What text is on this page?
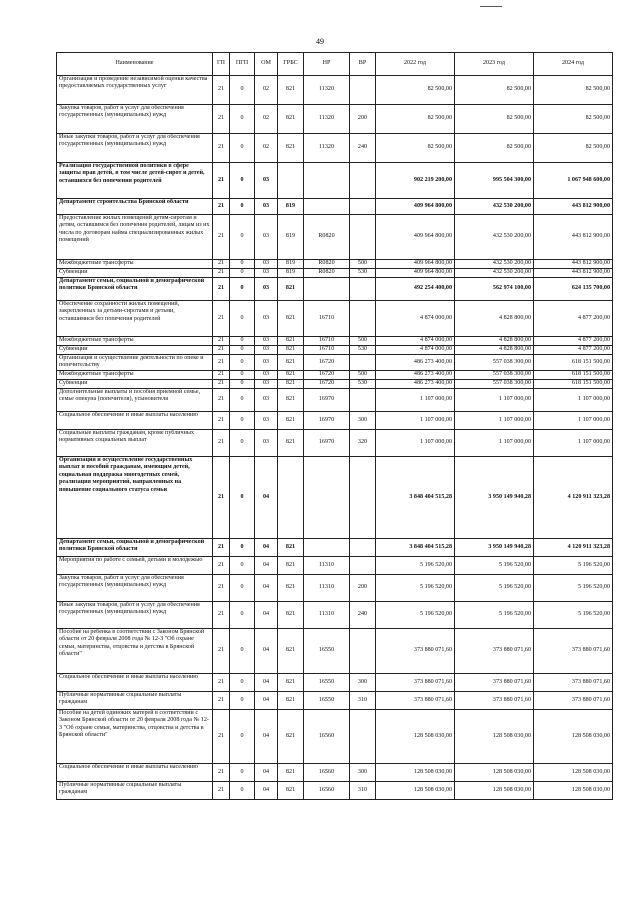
49
Наименование	ГП	ПГП	ОМ	ГРБС	НР	ВР	2022 год	2023 год	2024 год
Организация и проведение независимой оценки качества предоставляемых государственных услуг	21	0	02	821	11320		82 500,00	82 500,00	82 500,00
Закупка товаров, работ и услуг для обеспечения государственных (муниципальных) нужд	21	0	02	821	11320	200	82 500,00	82 500,00	82 500,00
Иные закупки товаров, работ и услуг для обеспечения государственных (муниципальных) нужд	21	0	02	821	11320	240	82 500,00	82 500,00	82 500,00
Реализация государственной политики в сфере защиты прав детей, в том числе детей-сирот и детей, оставшихся без попечения родителей	21	0	03				902 219 200,00	995 504 300,00	1 067 948 600,00
Департамент строительства Брянской области	21	0	03	819			409 964 800,00	432 530 200,00	443 812 900,00
Предоставление жилых помещений детям-сиротам и детям, оставшимся без попечения родителей, лицам из их числа по договорам найма специализированных жилых помещений	21	0	03	819	R0820		409 964 800,00	432 530 200,00	443 812 900,00
Межбюджетные трансферты	21	0	03	819	R0820	500	409 964 800,00	432 530 200,00	443 812 900,00
Субвенции	21	0	03	819	R0820	530	409 964 800,00	432 530 200,00	443 812 900,00
Департамент семьи, социальной и демографической политики Брянской области	21	0	03	821			492 254 400,00	562 974 100,00	624 135 700,00
Обеспечение сохранности жилых помещений, закрепленных за детьми-сиротами и детьми, оставшимися без попечения родителей	21	0	03	821	16710		4 874 000,00	4 828 800,00	4 877 200,00
Межбюджетные трансферты	21	0	03	821	16710	500	4 874 000,00	4 828 800,00	4 877 200,00
Субвенции	21	0	03	821	16710	530	4 874 000,00	4 828 800,00	4 877 200,00
Организация и осуществление деятельности по опеке и попечительству	21	0	03	821	16720		486 273 400,00	557 038 300,00	618 151 500,00
Межбюджетные трансферты	21	0	03	821	16720	500	486 273 400,00	557 038 300,00	618 151 500,00
Субвенции	21	0	03	821	16720	530	486 273 400,00	557 038 300,00	618 151 500,00
Дополнительные выплаты и пособия приемной семье, семье опекуна (попечителя), усыновителя	21	0	03	821	16970		1 107 000,00	1 107 000,00	1 107 000,00
Социальное обеспечение и иные выплаты населению	21	0	03	821	16970	300	1 107 000,00	1 107 000,00	1 107 000,00
Социальные выплаты гражданам, кроме публичных нормативных социальных выплат	21	0	03	821	16970	320	1 107 000,00	1 107 000,00	1 107 000,00
Организация и осуществление государственных выплат и пособий гражданам, имеющим детей, социальная поддержка многодетных семей, реализация мероприятий, направленных на повышение социального статуса семьи	21	0	04				3 848 404 515,28	3 950 149 940,28	4 120 911 323,28
Департамент семьи, социальной и демографической политики Брянской области	21	0	04	821			3 848 404 515,28	3 950 149 940,28	4 120 911 323,28
Мероприятия по работе с семьей, детьми и молодежью	21	0	04	821	11310		5 196 520,00	5 196 520,00	5 196 520,00
Закупка товаров, работ и услуг для обеспечения государственных (муниципальных) нужд	21	0	04	821	11310	200	5 196 520,00	5 196 520,00	5 196 520,00
Иные закупки товаров, работ и услуг для обеспечения государственных (муниципальных) нужд	21	0	04	821	11310	240	5 196 520,00	5 196 520,00	5 196 520,00
Пособие на ребенка в соответствии с Законом Брянской области от 20 февраля 2008 года № 12-З "Об охране семьи, материнства, отцовства и детства в Брянской области"	21	0	04	821	16550		373 880 071,60	373 880 071,60	373 880 071,60
Социальное обеспечение и иные выплаты населению	21	0	04	821	16550	300	373 880 071,60	373 880 071,60	373 880 071,60
Публичные нормативные социальные выплаты гражданам	21	0	04	821	16550	310	373 880 071,60	373 880 071,60	373 880 071,60
Пособие на детей одиноких матерей в соответствии с Законом Брянской области от 20 февраля 2008 года № 12-З "Об охране семьи, материнства, отцовства и детства в Брянской области"	21	0	04	821	16560		128 508 030,00	128 508 030,00	128 508 030,00
Социальное обеспечение и иные выплаты населению	21	0	04	821	16560	300	128 508 030,00	128 508 030,00	128 508 030,00
Публичные нормативные социальные выплаты гражданам	21	0	04	821	16560	310	128 508 030,00	128 508 030,00	128 508 030,00
